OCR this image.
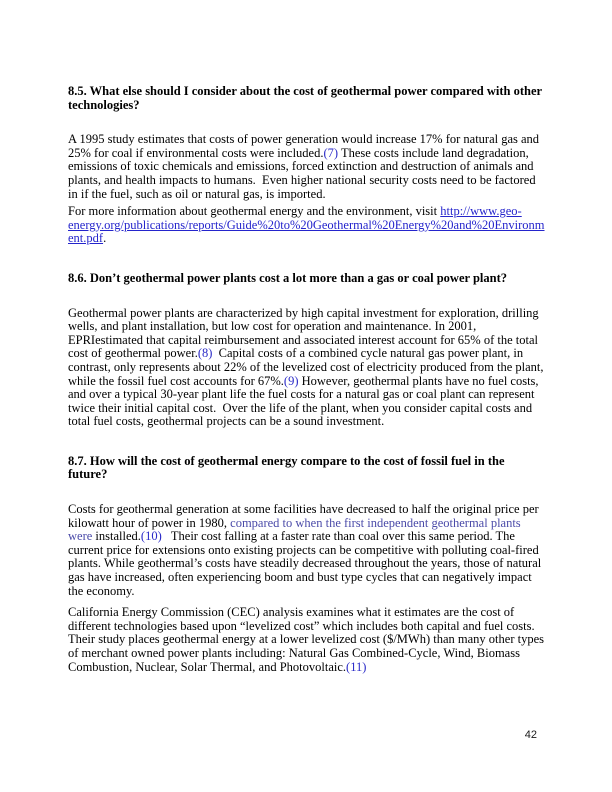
8.5. What else should I consider about the cost of geothermal power compared with other technologies?

A 1995 study estimates that costs of power generation would increase 17% for natural gas and 25% for coal if environmental costs were included.(7) These costs include land degradation, emissions of toxic chemicals and emissions, forced extinction and destruction of animals and plants, and health impacts to humans.  Even higher national security costs need to be factored in if the fuel, such as oil or natural gas, is imported.

For more information about geothermal energy and the environment, visit http://www.geo-energy.org/publications/reports/Guide%20to%20Geothermal%20Energy%20and%20Environment.pdf.

8.6. Don’t geothermal power plants cost a lot more than a gas or coal power plant?

Geothermal power plants are characterized by high capital investment for exploration, drilling wells, and plant installation, but low cost for operation and maintenance. In 2001, EPRIestimated that capital reimbursement and associated interest account for 65% of the total cost of geothermal power.(8)  Capital costs of a combined cycle natural gas power plant, in contrast, only represents about 22% of the levelized cost of electricity produced from the plant, while the fossil fuel cost accounts for 67%.(9) However, geothermal plants have no fuel costs, and over a typical 30-year plant life the fuel costs for a natural gas or coal plant can represent twice their initial capital cost.  Over the life of the plant, when you consider capital costs and total fuel costs, geothermal projects can be a sound investment.

8.7. How will the cost of geothermal energy compare to the cost of fossil fuel in the future?

Costs for geothermal generation at some facilities have decreased to half the original price per kilowatt hour of power in 1980, compared to when the first independent geothermal plants were installed.(10)   Their cost falling at a faster rate than coal over this same period. The current price for extensions onto existing projects can be competitive with polluting coal-fired plants. While geothermal’s costs have steadily decreased throughout the years, those of natural gas have increased, often experiencing boom and bust type cycles that can negatively impact the economy.

California Energy Commission (CEC) analysis examines what it estimates are the cost of different technologies based upon “levelized cost” which includes both capital and fuel costs. Their study places geothermal energy at a lower levelized cost ($/MWh) than many other types of merchant owned power plants including: Natural Gas Combined-Cycle, Wind, Biomass Combustion, Nuclear, Solar Thermal, and Photovoltaic.(11)

42
